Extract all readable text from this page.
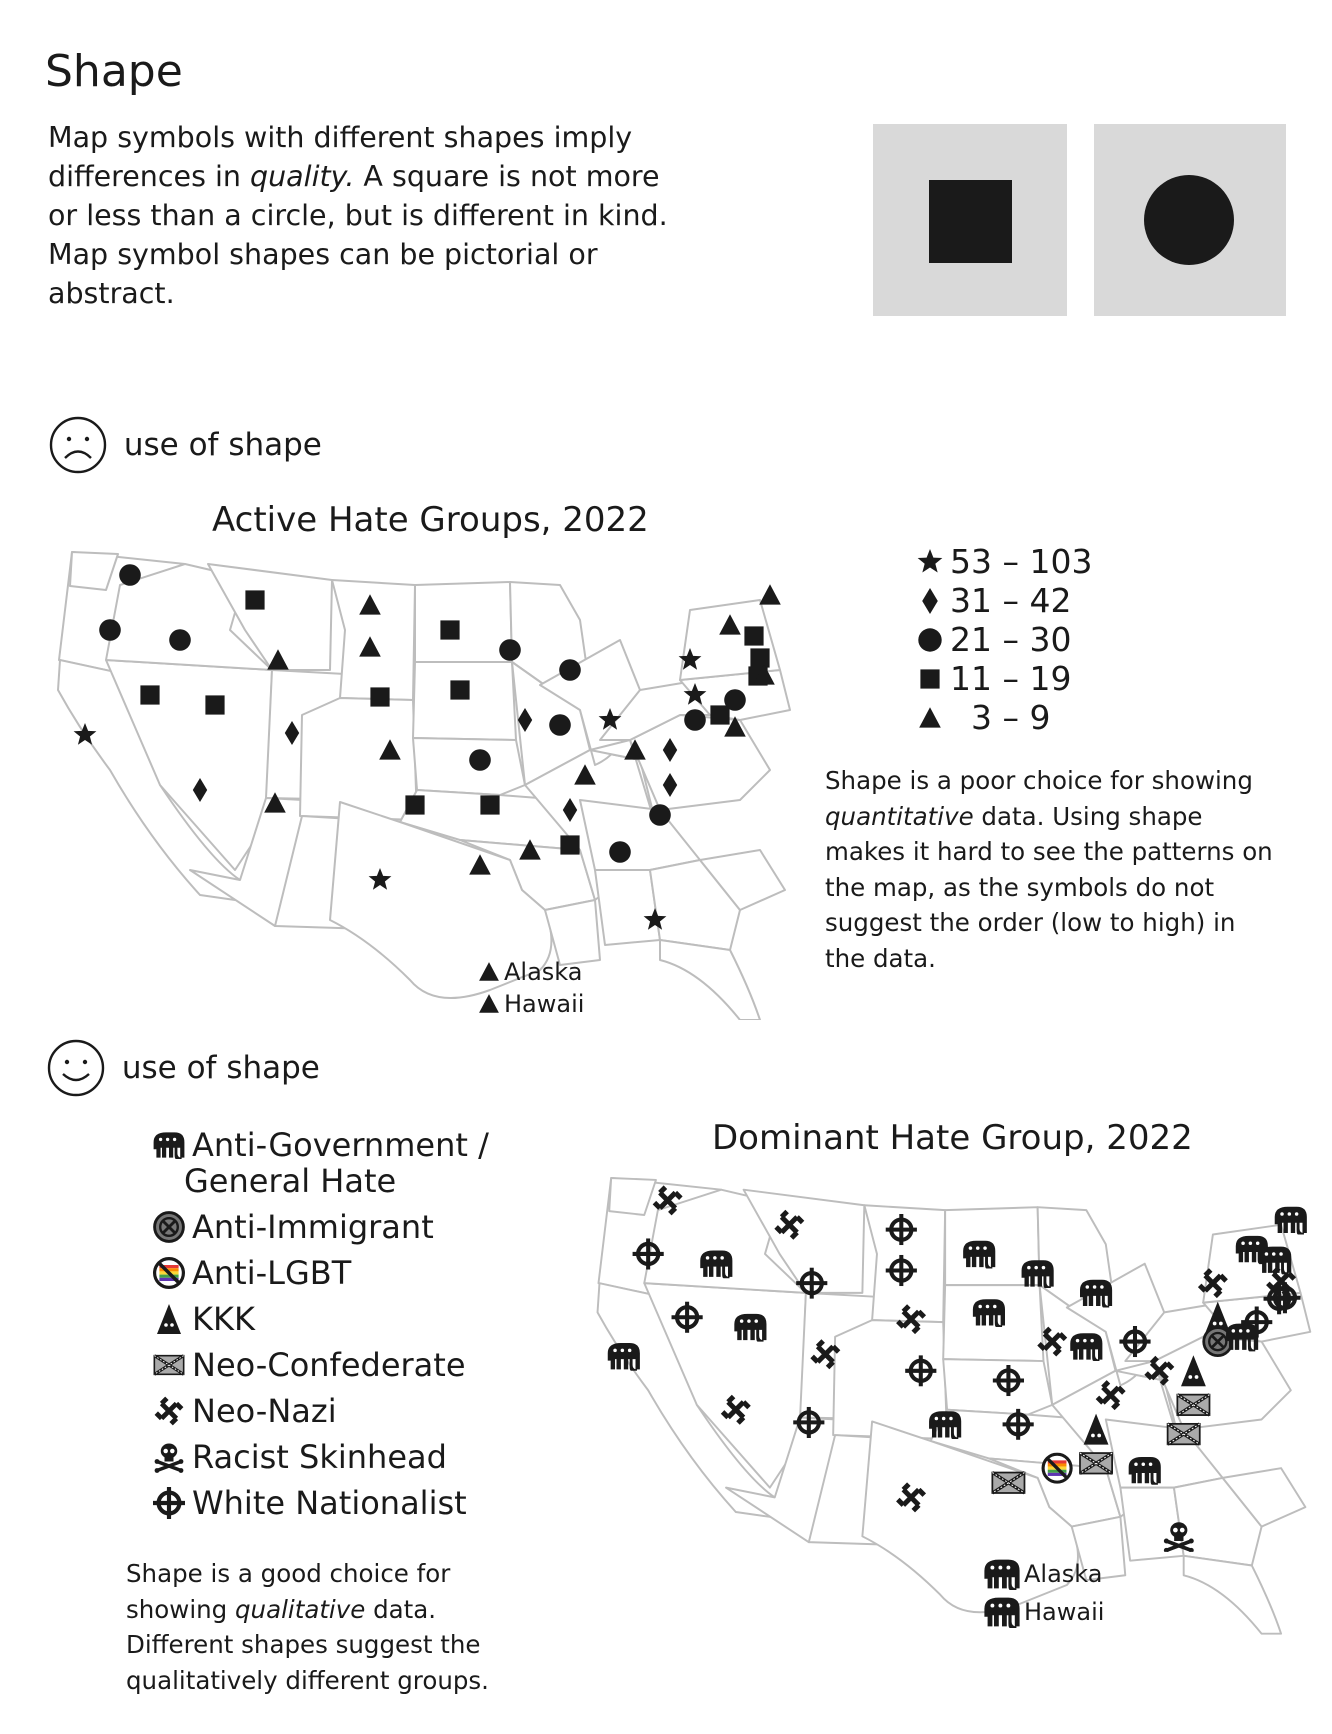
Shape

Map symbols with different shapes imply differences in quality. A square is not more or less than a circle, but is different in kind. Map symbol shapes can be pictorial or abstract.

use of shape
Active Hate Groups, 2022
Alaska
Hawaii
53 – 103
31 – 42
21 – 30
11 – 19
3 – 9

Shape is a poor choice for showing quantitative data. Using shape makes it hard to see the patterns on the map, as the symbols do not suggest the order (low to high) in the data.

use of shape
Anti-Government /
General Hate
Anti-Immigrant
Anti-LGBT
KKK
Neo-Confederate
Neo-Nazi
Racist Skinhead
White Nationalist

Shape is a good choice for showing qualitative data. Different shapes suggest the qualitatively different groups.

Dominant Hate Group, 2022
Alaska
Hawaii
